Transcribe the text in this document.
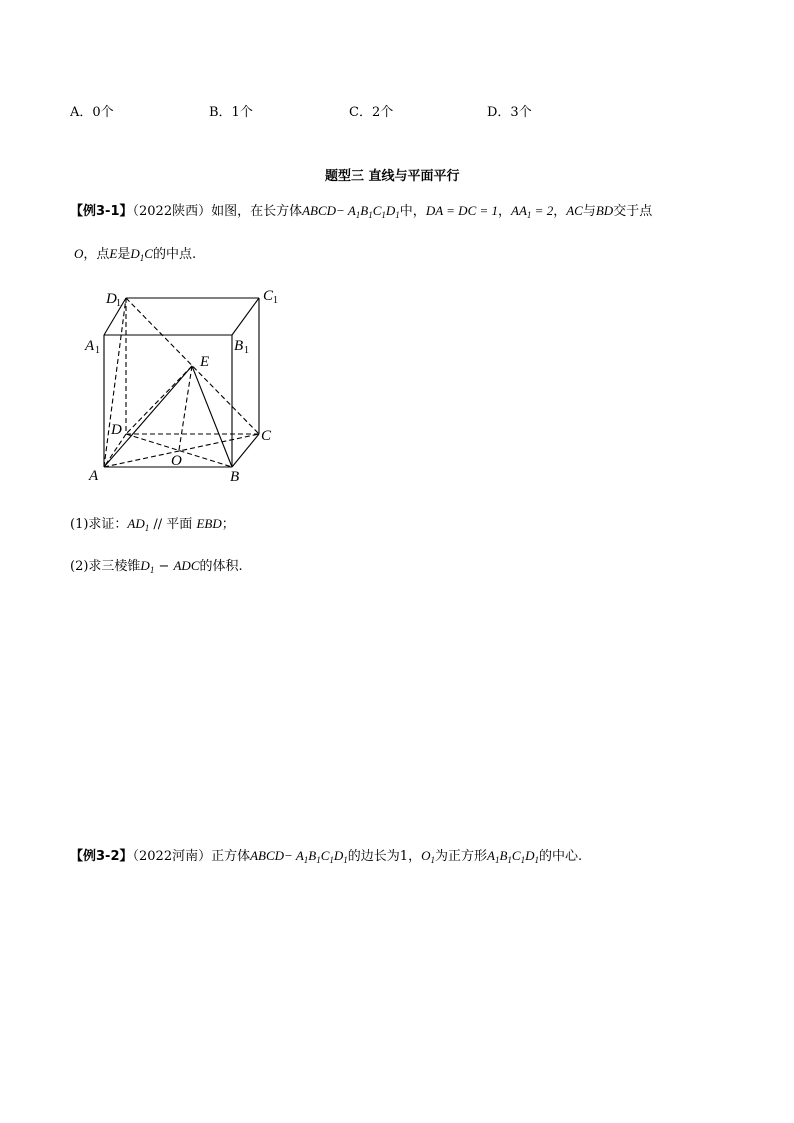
A．0个	B．1个	C．2个	D．3个
题型三 直线与平面平行
【例3-1】（2022陕西）如图，在长方体ABCD− $A_1B_1C_1D_1$中，DA = DC = 1，$AA_1 = 2$，AC与BD交于点
O，点E是$D_1C$的中点.
D 1	C 1
A 1	B 1
E
D	C
O
A	B
(1)求证：$AD_1$ // 平面 EBD；
(2)求三棱锥$D_1$ − ADC的体积.
【例3-2】（2022河南）正方体ABCD− $A_1B_1C_1D_1$的边长为1，$O_1$为正方形$A_1B_1C_1D_1$的中心.
